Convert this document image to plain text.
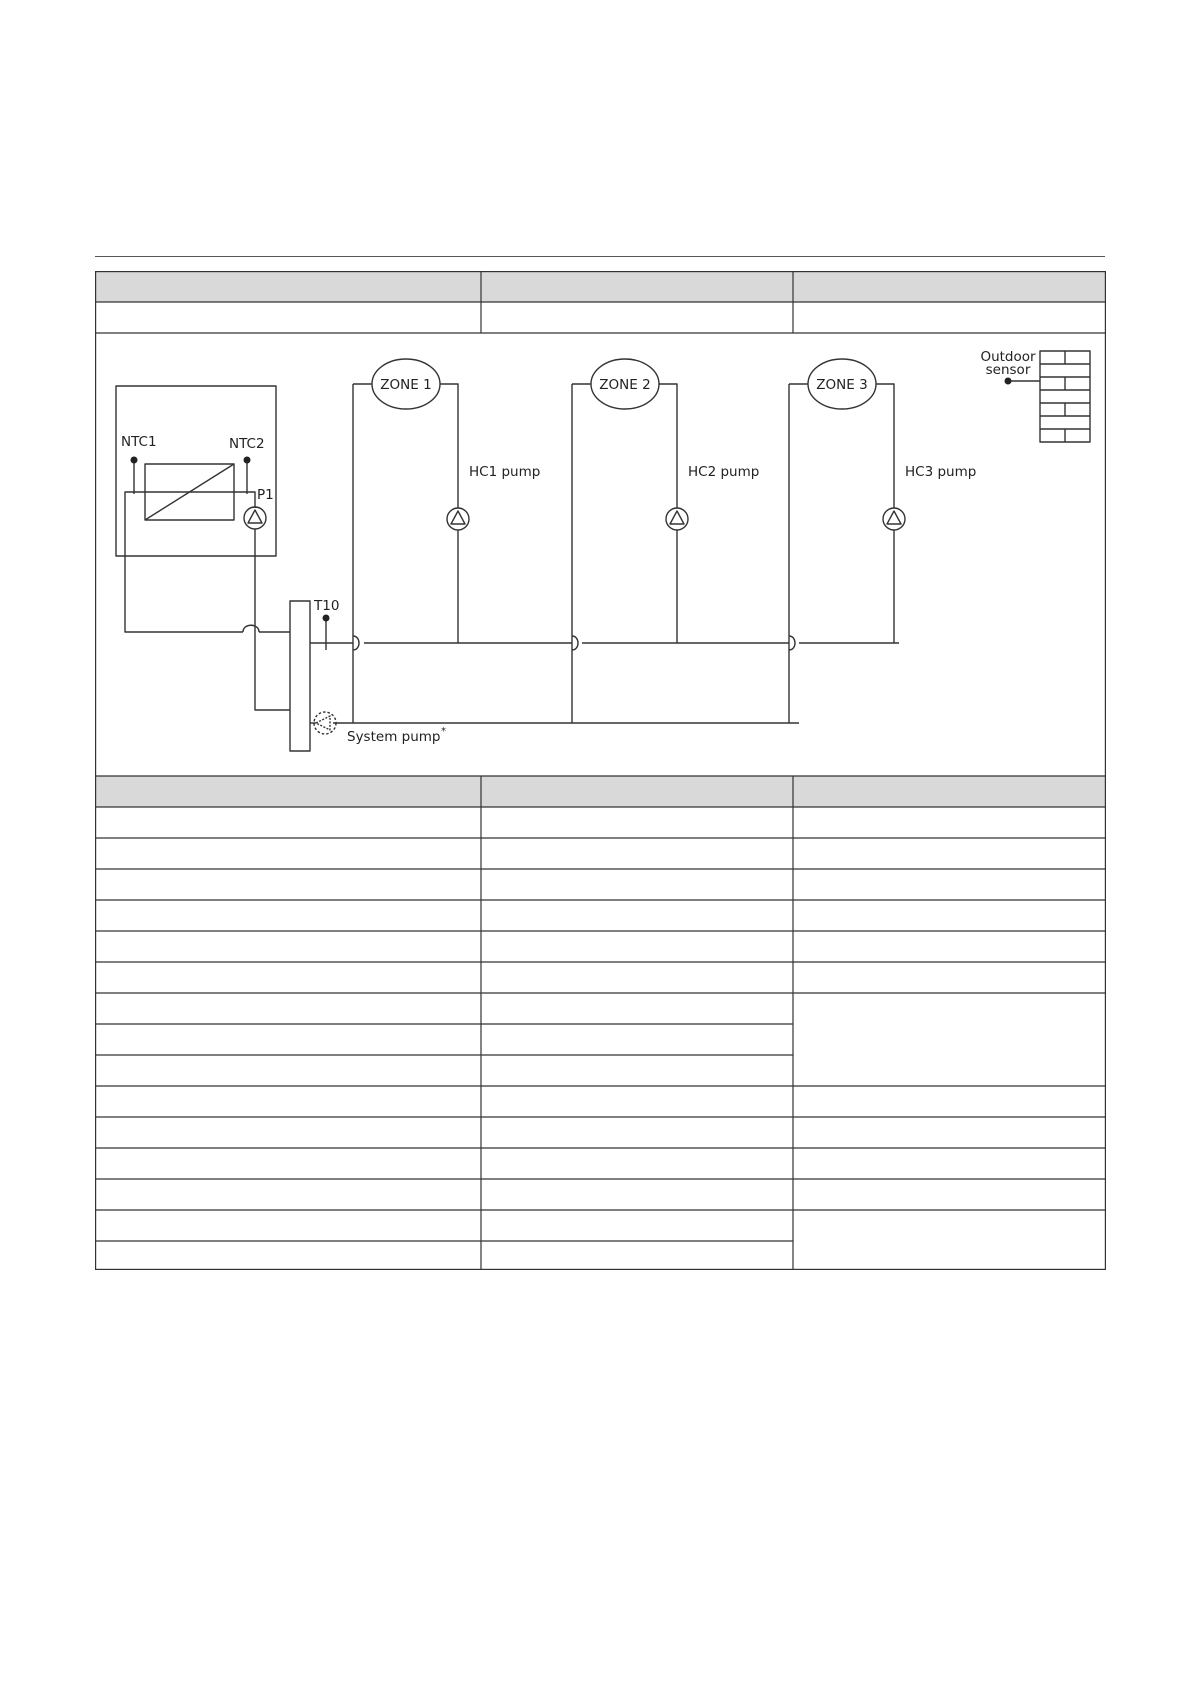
NTC1	NTC2
P1
ZONE 1	ZONE 2	ZONE 3
HC1 pump	HC2 pump	HC3 pump
Outdoor
sensor
T10
System pump *
